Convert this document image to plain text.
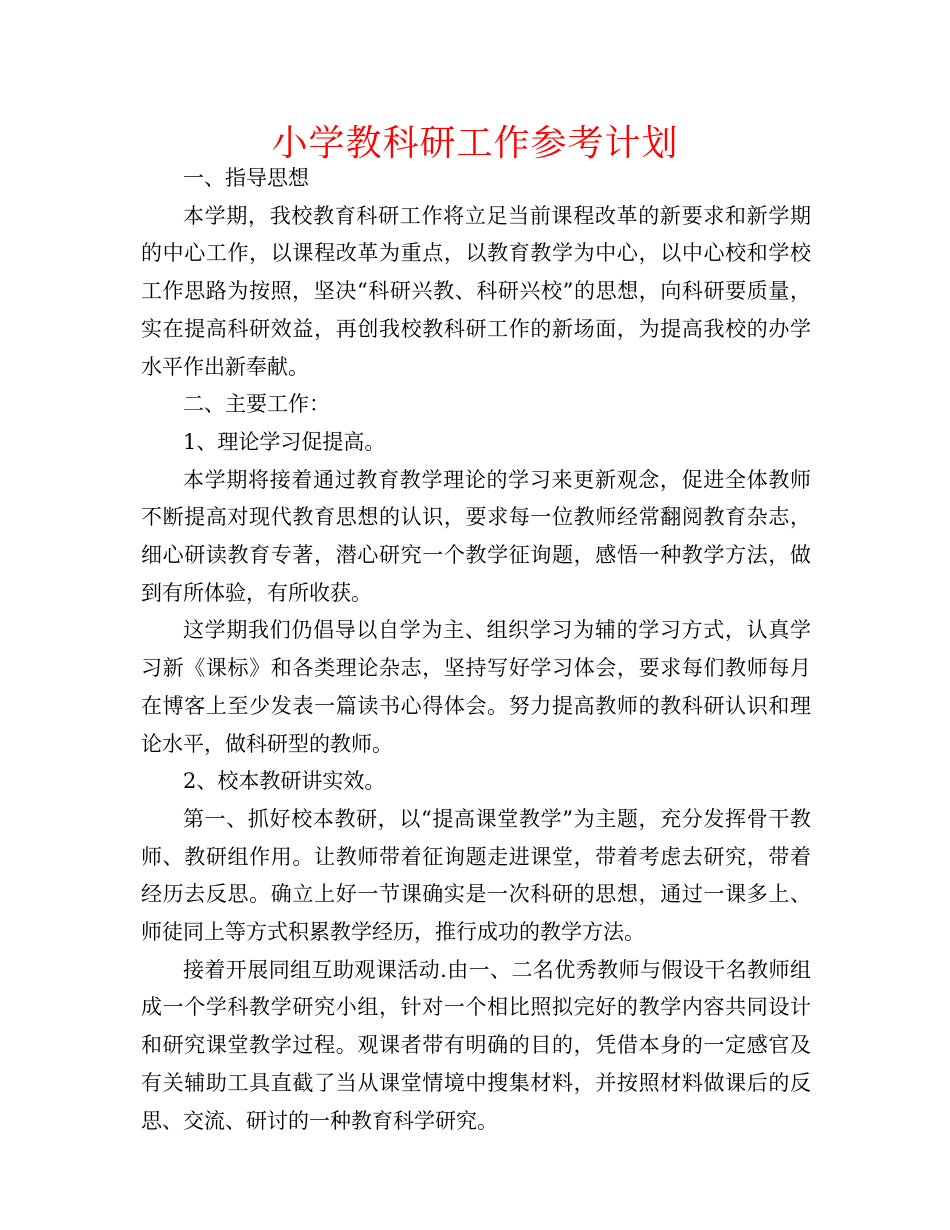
小学教科研工作参考计划

一、指导思想

本学期，我校教育科研工作将立足当前课程改革的新要求和新学期的中心工作，以课程改革为重点，以教育教学为中心，以中心校和学校工作思路为按照，坚决“科研兴教、科研兴校”的思想，向科研要质量，实在提高科研效益，再创我校教科研工作的新场面，为提高我校的办学水平作出新奉献。

二、主要工作：

1、理论学习促提高。

本学期将接着通过教育教学理论的学习来更新观念，促进全体教师不断提高对现代教育思想的认识，要求每一位教师经常翻阅教育杂志，细心研读教育专著，潜心研究一个教学征询题，感悟一种教学方法，做到有所体验，有所收获。

这学期我们仍倡导以自学为主、组织学习为辅的学习方式，认真学习新《课标》和各类理论杂志，坚持写好学习体会，要求每们教师每月在博客上至少发表一篇读书心得体会。努力提高教师的教科研认识和理论水平，做科研型的教师。

2、校本教研讲实效。

第一、抓好校本教研，以“提高课堂教学”为主题，充分发挥骨干教师、教研组作用。让教师带着征询题走进课堂，带着考虑去研究，带着经历去反思。确立上好一节课确实是一次科研的思想，通过一课多上、师徒同上等方式积累教学经历，推行成功的教学方法。

接着开展同组互助观课活动.由一、二名优秀教师与假设干名教师组成一个学科教学研究小组，针对一个相比照拟完好的教学内容共同设计和研究课堂教学过程。观课者带有明确的目的，凭借本身的一定感官及有关辅助工具直截了当从课堂情境中搜集材料，并按照材料做课后的反思、交流、研讨的一种教育科学研究。
